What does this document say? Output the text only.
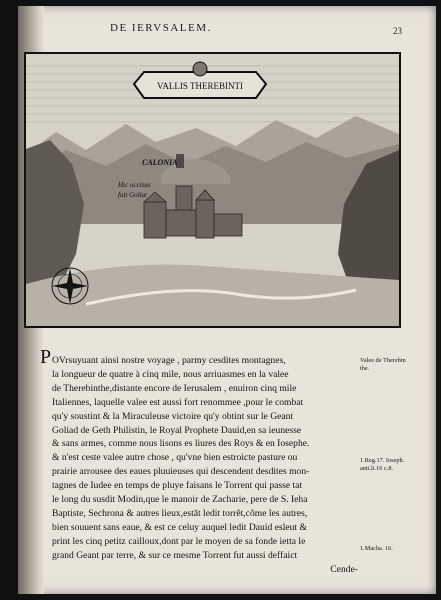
DE IERVSALEM.	23
VALLIS THEREBINTI
CALONIA
Hic occisus
fuit Goliat
P OVrsuyuant ainsi nostre voyage , parmy cesdites montagnes,
la longueur de quatre à cinq mile, nous arriuasmes en la valee
de Therebinthe,distante encore de Ierusalem , enuiron cinq mile
Italiennes, laquelle valee est aussi fort renommee ,pour le combat
qu'y soustint & la Miraculeuse victoire qu'y obtint sur le Geant
Goliad de Geth Philistin, le Royal Prophete Dauid,en sa ieunesse
& sans armes, comme nous lisons es liures des Roys & en Iosephe.
& n'est ceste valee autre chose , qu'vne bien estroicte pasture ou
prairie arrousee des eaues pluuieuses qui descendent desdites mon-
tagnes de Iudee en temps de pluye faisans le Torrent qui passe tat
le long du susdit Modin,que le manoir de Zacharie, pere de S. Ieha
Baptiste, Sechrona & autres lieux,estăt ledit torrĕt,cŏme les autres,
bien souuent sans eaue, & est ce celuy auquel ledit Dauid esleut &
print les cinq petitz cailloux,dont par le moyen de sa fonde ietta le
grand Geant par terre, & sur ce mesme Torrent fut aussi deffaict
Cende-
Valee de Therebin the.
1.Reg.17. Ioseph. anti.li.16 c.8.
1.Macha. 16.
